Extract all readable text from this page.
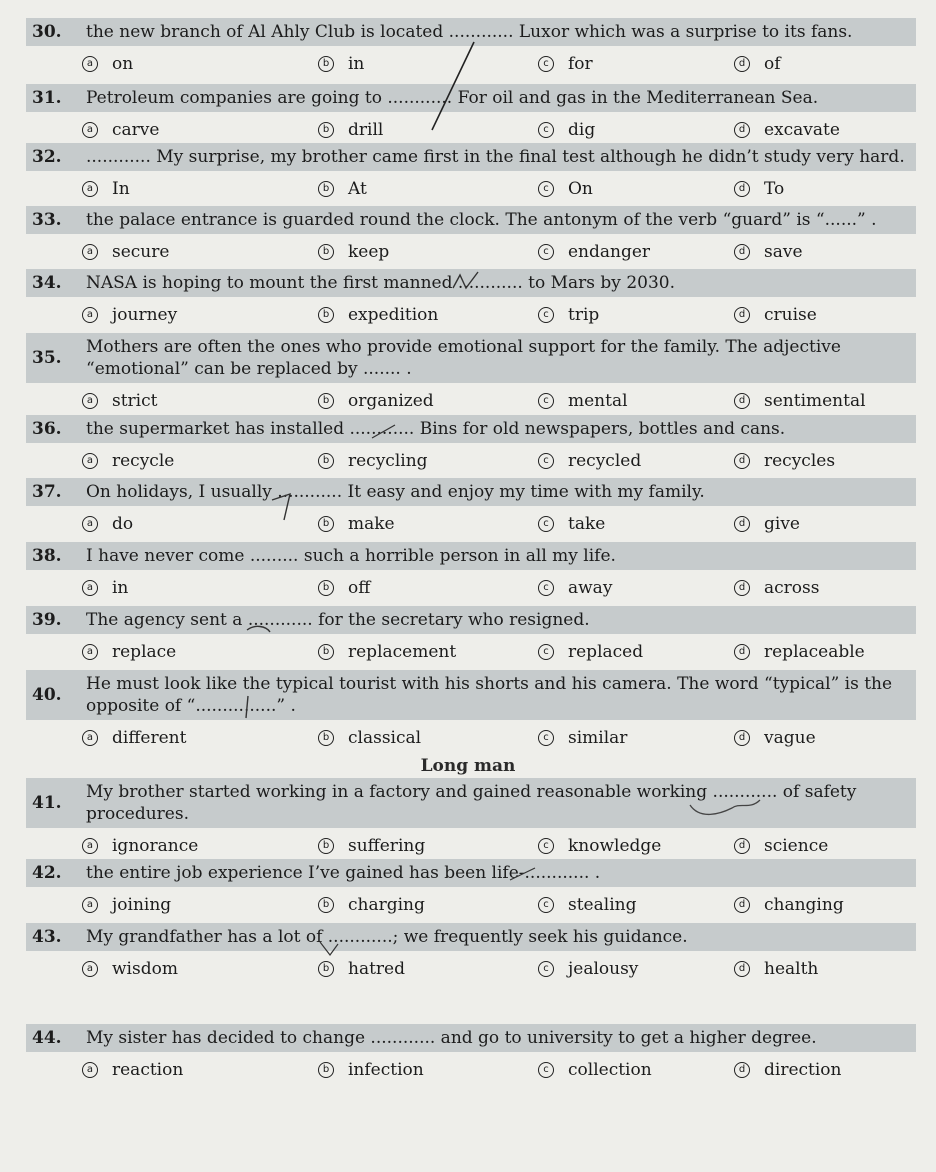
30.	the new branch of Al Ahly Club is located ............ Luxor which was a surprise to its fans.
a on	b in	c	for	d of
31.	Petroleum companies are going to ............ For oil and gas in the Mediterranean Sea.
a carve	b drill	c	dig	d excavate
32.	............ My surprise, my brother came first in the final test although he didn’t study very hard.
a In	b At	c	On	d To
33.	the palace entrance is guarded round the clock. The antonym of the verb “guard” is “......” .
a secure	b keep	c	endanger	d save
34.	NASA is hoping to mount the first manned ............ to Mars by 2030.
a journey	b expedition	c	trip	d cruise
35.
Mothers are often the ones who provide emotional support for the family. The adjective “emotional” can be replaced by ....... .
a strict	b organized	c	mental	d sentimental
36.	the supermarket has installed ............ Bins for old newspapers, bottles and cans.
a recycle	b recycling	c	recycled	d recycles
37.	On holidays, I usually ............ It easy and enjoy my time with my family.
a do	b make	c	take	d give
38.	I have never come ......... such a horrible person in all my life.
a in	b off	c	away	d across
39.	The agency sent a ............ for the secretary who resigned.
a replace	b replacement	c	replaced	d replaceable
40.
He must look like the typical tourist with his shorts and his camera. The word “typical” is the opposite of “...............” .
a different	b classical	c	similar	d vague
Long man
41.
My brother started working in a factory and gained reasonable working ............ of safety procedures.
a ignorance	b suffering	c	knowledge	d science
42.	the entire job experience I’ve gained has been life-............ .
a joining	b charging	c	stealing	d changing
43.	My grandfather has a lot of ............; we frequently seek his guidance.
a wisdom	b hatred	c	jealousy	d health
44.	My sister has decided to change ............ and go to university to get a higher degree.
a reaction	b infection	c	collection	d direction
